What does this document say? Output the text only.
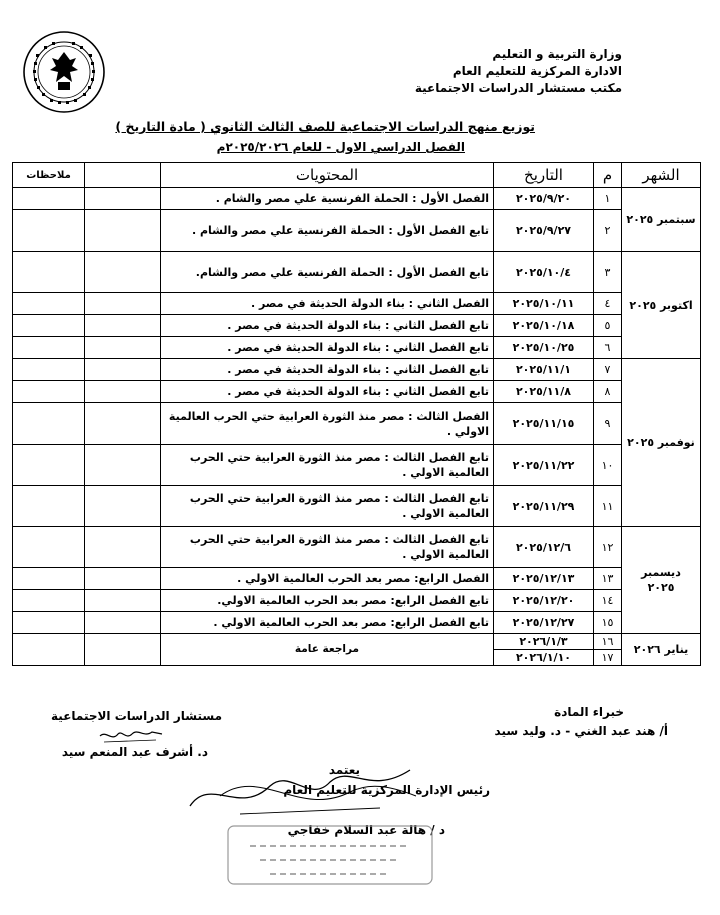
وزارة التربية و التعليم
الادارة المركزية للتعليم العام
مكتب مستشار الدراسات الاجتماعية
توزيع منهج الدراسات الاجتماعية للصف الثالث الثانوي ( مادة التاريخ )
الفصل الدراسي الاول - للعام ٢٠٢٥/٢٠٢٦م
الشهر	م	التاريخ	المحتويات		ملاحظات
سبتمبر ٢٠٢٥	١	٢٠٢٥/٩/٢٠	الفصل الأول : الحملة الفرنسية علي مصر والشام .		
	٢	٢٠٢٥/٩/٢٧	تابع الفصل الأول : الحملة الفرنسية علي مصر والشام .		
اكتوبر ٢٠٢٥	٣	٢٠٢٥/١٠/٤	تابع الفصل الأول : الحملة الفرنسية علي مصر والشام.		
	٤	٢٠٢٥/١٠/١١	الفصل الثاني : بناء الدولة الحديثة في مصر .		
	٥	٢٠٢٥/١٠/١٨	تابع الفصل الثاني : بناء الدولة الحديثة في مصر .		
	٦	٢٠٢٥/١٠/٢٥	تابع الفصل الثاني : بناء الدولة الحديثة في مصر .		
نوفمبر ٢٠٢٥	٧	٢٠٢٥/١١/١	تابع الفصل الثاني : بناء الدولة الحديثة في مصر .		
	٨	٢٠٢٥/١١/٨	تابع الفصل الثاني : بناء الدولة الحديثة في مصر .		
	٩	٢٠٢٥/١١/١٥	الفصل الثالث : مصر منذ الثورة العرابية حتي الحرب العالمية الاولي .		
	١٠	٢٠٢٥/١١/٢٢	تابع الفصل الثالث : مصر منذ الثورة العرابية حتي الحرب العالمية الاولي .		
	١١	٢٠٢٥/١١/٢٩	تابع الفصل الثالث : مصر منذ الثورة العرابية حتي الحرب العالمية الاولي .		
ديسمبر ٢٠٢٥	١٢	٢٠٢٥/١٢/٦	تابع الفصل الثالث : مصر منذ الثورة العرابية حتي الحرب العالمية الاولي .		
	١٣	٢٠٢٥/١٢/١٣	الفصل الرابع: مصر بعد الحرب العالمية الاولي .		
	١٤	٢٠٢٥/١٢/٢٠	تابع الفصل الرابع: مصر بعد الحرب العالمية الاولي.		
	١٥	٢٠٢٥/١٢/٢٧	تابع الفصل الرابع: مصر بعد الحرب العالمية الاولي .		
يناير ٢٠٢٦	١٦	٢٠٢٦/١/٣	مراجعة عامة		
	١٧	٢٠٢٦/١/١٠			
خبراء المادة
أ/ هند عبد الغني - د. وليد سيد
مستشار الدراسات الاجتماعية
د. أشرف عبد المنعم سيد
يعتمد
رئيس الإدارة المركزية للتعليم العام
د / هالة عبد السلام خفاجي
